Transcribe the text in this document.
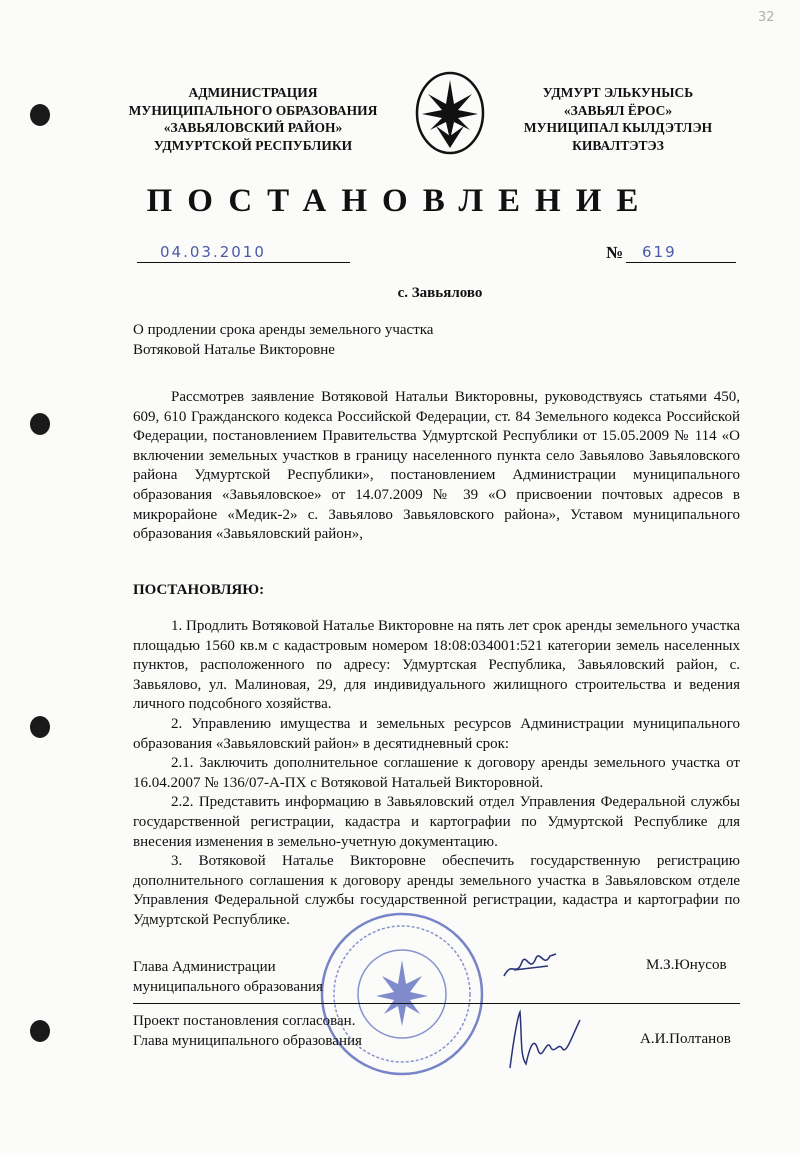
32
АДМИНИСТРАЦИЯ
МУНИЦИПАЛЬНОГО ОБРАЗОВАНИЯ
«ЗАВЬЯЛОВСКИЙ РАЙОН»
УДМУРТСКОЙ РЕСПУБЛИКИ
УДМУРТ ЭЛЬКУНЫСЬ
«ЗАВЬЯЛ ЁРОС»
МУНИЦИПАЛ КЫЛДЭТЛЭН
КИВАЛТЭТЭЗ
ПОСТАНОВЛЕНИЕ
04.03.2010	№ 619
с. Завьялово
О продлении срока аренды земельного участка
Вотяковой Наталье Викторовне

Рассмотрев заявление Вотяковой Натальи Викторовны, руководствуясь статьями 450, 609, 610 Гражданского кодекса Российской Федерации, ст. 84 Земельного кодекса Российской Федерации, постановлением Правительства Удмуртской Республики от 15.05.2009 № 114 «О включении земельных участков в границу населенного пункта село Завьялово Завьяловского района Удмуртской Республики», постановлением Администрации муниципального образования «Завьяловское» от 14.07.2009 № 39 «О присвоении почтовых адресов в микрорайоне «Медик-2» с. Завьялово Завьяловского района», Уставом муниципального образования «Завьяловский район»,

ПОСТАНОВЛЯЮ:

1. Продлить Вотяковой Наталье Викторовне на пять лет срок аренды земельного участка площадью 1560 кв.м с кадастровым номером 18:08:034001:521 категории земель населенных пунктов, расположенного по адресу: Удмуртская Республика, Завьяловский район, с. Завьялово, ул. Малиновая, 29, для индивидуального жилищного строительства и ведения личного подсобного хозяйства.

2. Управлению имущества и земельных ресурсов Администрации муниципального образования «Завьяловский район» в десятидневный срок:

2.1. Заключить дополнительное соглашение к договору аренды земельного участка от 16.04.2007 № 136/07-А-ПХ с Вотяковой Натальей Викторовной.

2.2. Представить информацию в Завьяловский отдел Управления Федеральной службы государственной регистрации, кадастра и картографии по Удмуртской Республике для внесения изменения в земельно-учетную документацию.

3. Вотяковой Наталье Викторовне обеспечить государственную регистрацию дополнительного соглашения к договору аренды земельного участка в Завьяловском отделе Управления Федеральной службы государственной регистрации, кадастра и картографии по Удмуртской Республике.

Глава Администрации
муниципального образования
М.З.Юнусов
Проект постановления согласован.
Глава муниципального образования	А.И.Полтанов
